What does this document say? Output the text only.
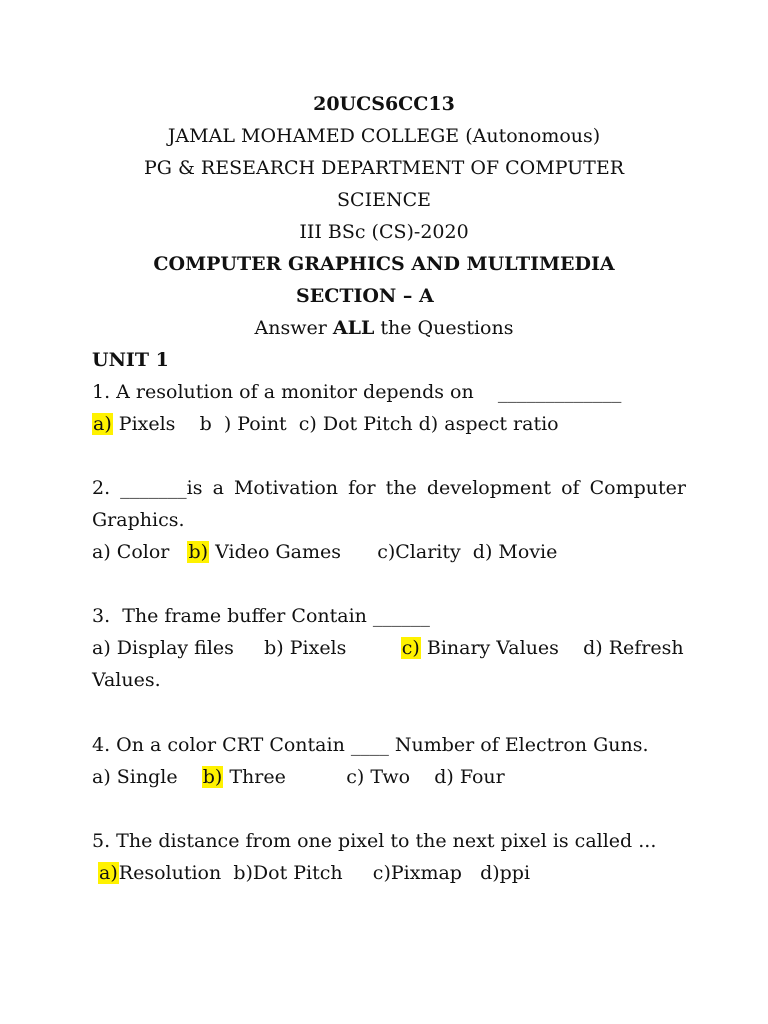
20UCS6CC13
JAMAL MOHAMED COLLEGE (Autonomous)
PG & RESEARCH DEPARTMENT OF COMPUTER
SCIENCE
III BSc (CS)-2020
COMPUTER GRAPHICS AND MULTIMEDIA
SECTION – A
Answer ALL the Questions
UNIT 1
1. A resolution of a monitor depends on    _____________
a) Pixels    b  ) Point  c) Dot Pitch d) aspect ratio
2. _______is a Motivation for the development of Computer
Graphics.
a) Color   b) Video Games      c)Clarity  d) Movie
3.  The frame buffer Contain ______
a) Display files     b) Pixels         c) Binary Values    d) Refresh
Values.
4. On a color CRT Contain ____ Number of Electron Guns.
a) Single    b) Three          c) Two    d) Four
5. The distance from one pixel to the next pixel is called ...
a)Resolution  b)Dot Pitch     c)Pixmap   d)ppi
